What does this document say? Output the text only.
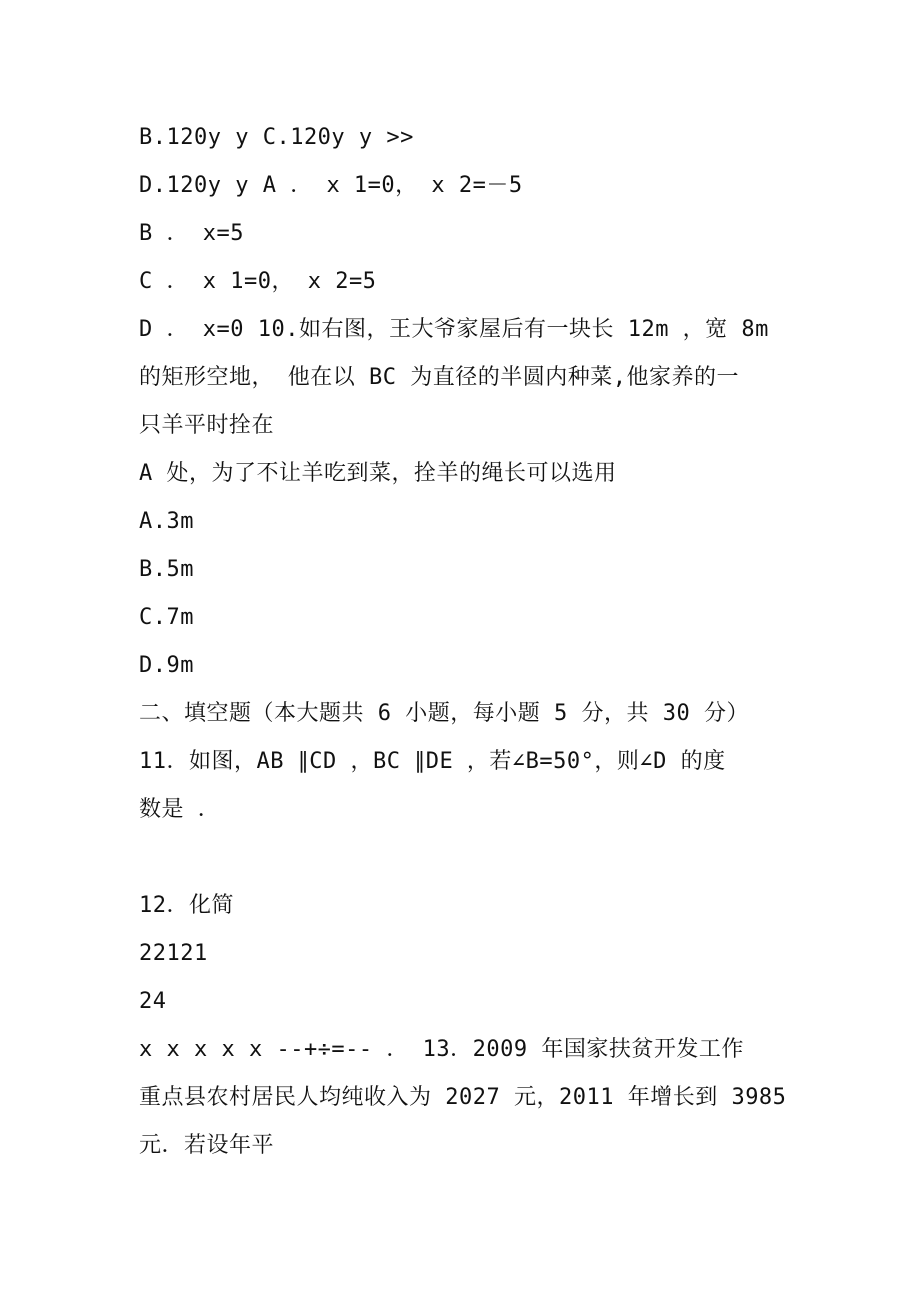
B.120y y C.120y y >>
D.120y y A ． x 1=0， x 2=－5
B ． x=5
C ． x 1=0， x 2=5
D ． x=0 10.如右图，王大爷家屋后有一块长 12m ，宽 8m
的矩形空地， 他在以 BC 为直径的半圆内种菜,他家养的一
只羊平时拴在
A 处，为了不让羊吃到菜，拴羊的绳长可以选用
A.3m
B.5m
C.7m
D.9m
二、填空题（本大题共 6 小题，每小题 5 分，共 30 分）
11．如图，AB ∥CD ，BC ∥DE ，若∠B=50°，则∠D 的度
数是 ．
12．化简
22121
24
x x x x x --+÷=-- ． 13．2009 年国家扶贫开发工作
重点县农村居民人均纯收入为 2027 元，2011 年增长到 3985
元．若设年平
